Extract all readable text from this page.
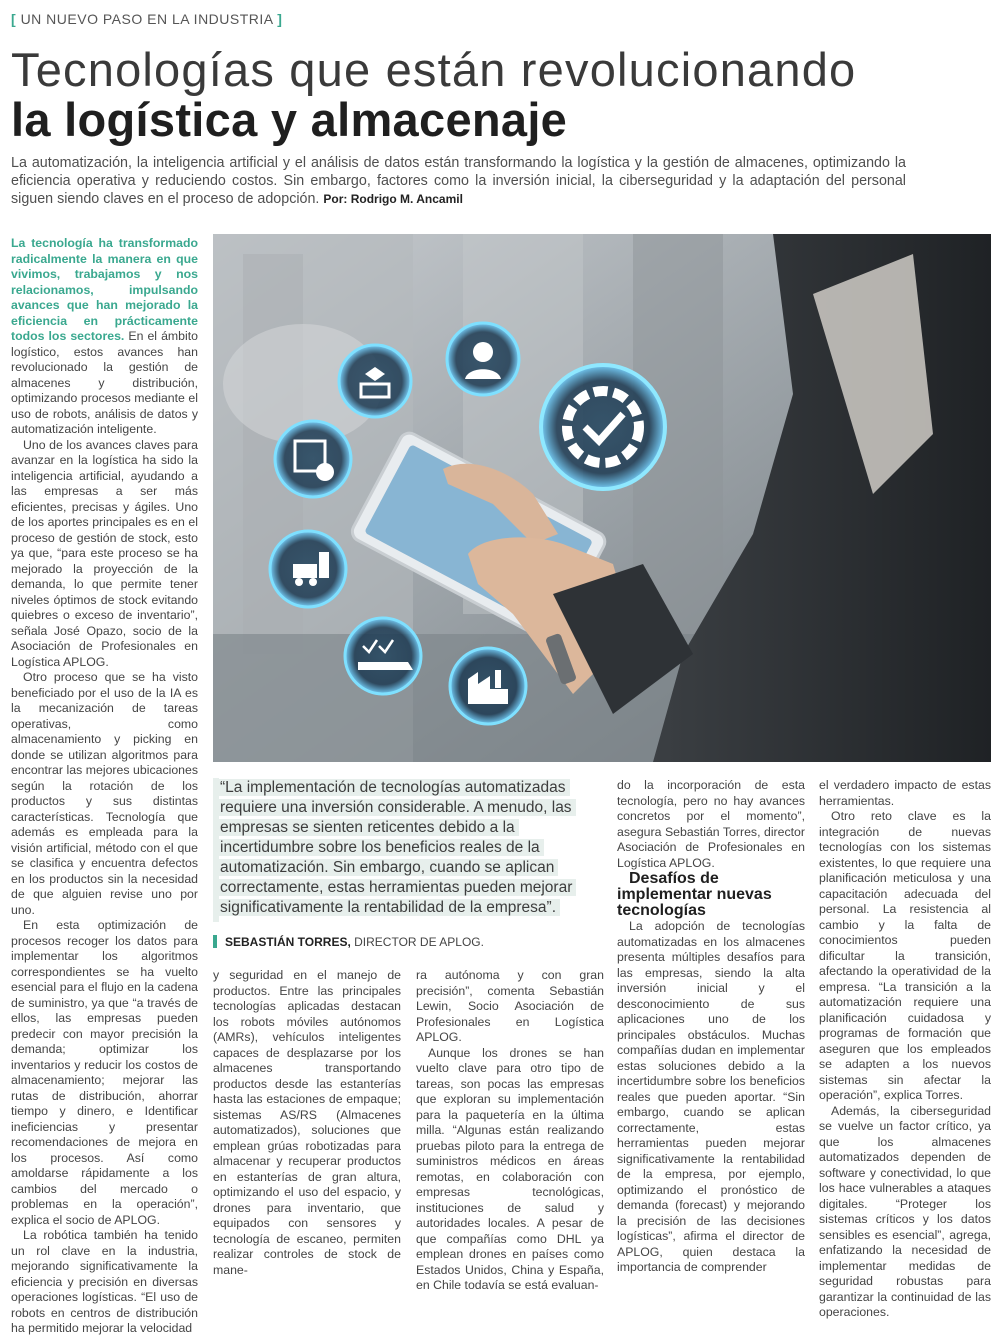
[ UN NUEVO PASO EN LA INDUSTRIA ]
Tecnologías que están revolucionando
la logística y almacenaje
La automatización, la inteligencia artificial y el análisis de datos están transformando la logística y la gestión de almacenes, optimizando la eficiencia operativa y reduciendo costos. Sin embargo, factores como la inversión inicial, la ciberseguridad y la adaptación del personal siguen siendo claves en el proceso de adopción. Por: Rodrigo M. Ancamil

La tecnología ha transformado radicalmente la manera en que vivimos, trabajamos y nos relacionamos, impulsando avances que han mejorado la eficiencia en prácticamente todos los sectores. En el ámbito logístico, estos avances han revolucionado la gestión de almacenes y distribución, optimizando procesos mediante el uso de robots, análisis de datos y automatización inteligente.

Uno de los avances claves para avanzar en la logística ha sido la inteligencia artificial, ayudando a las empresas a ser más eficientes, precisas y ágiles. Uno de los aportes principales es en el proceso de gestión de stock, esto ya que, “para este proceso se ha mejorado la proyección de la demanda, lo que permite tener niveles óptimos de stock evitando quiebres o exceso de inventario”, señala José Opazo, socio de la Asociación de Profesionales en Logística APLOG.

Otro proceso que se ha visto beneficiado por el uso de la IA es la mecanización de tareas operativas, como almacenamiento y picking en donde se utilizan algoritmos para encontrar las mejores ubicaciones según la rotación de los productos y sus distintas características. Tecnología que además es empleada para la visión artificial, método con el que se clasifica y encuentra defectos en los productos sin la necesidad de que alguien revise uno por uno.

En esta optimización de procesos recoger los datos para implementar los algoritmos correspondientes se ha vuelto esencial para el flujo en la cadena de suministro, ya que “a través de ellos, las empresas pueden predecir con mayor precisión la demanda; optimizar los inventarios y reducir los costos de almacenamiento; mejorar las rutas de distribución, ahorrar tiempo y dinero, e Identificar ineficiencias y presentar recomendaciones de mejora en los procesos. Así como amoldarse rápidamente a los cambios del mercado o problemas en la operación”, explica el socio de APLOG.

La robótica también ha tenido un rol clave en la industria, mejorando significativamente la eficiencia y precisión en diversas operaciones logísticas. “El uso de robots en centros de distribución ha permitido mejorar la velocidad

“La implementación de tecnologías automatizadas requiere una inversión considerable. A menudo, las empresas se sienten reticentes debido a la incertidumbre sobre los beneficios reales de la automatización. Sin embargo, cuando se aplican correctamente, estas herramientas pueden mejorar significativamente la rentabilidad de la empresa”.
SEBASTIÁN TORRES, DIRECTOR DE APLOG.

y seguridad en el manejo de productos. Entre las principales tecnologías aplicadas destacan los robots móviles autónomos (AMRs), vehículos inteligentes capaces de desplazarse por los almacenes transportando productos desde las estanterías hasta las estaciones de empaque; sistemas AS/RS (Almacenes automatizados), soluciones que emplean grúas robotizadas para almacenar y recuperar productos en estanterías de gran altura, optimizando el uso del espacio, y drones para inventario, que equipados con sensores y tecnología de escaneo, permiten realizar controles de stock de mane-

ra autónoma y con gran precisión”, comenta Sebastián Lewin, Socio Asociación de Profesionales en Logística APLOG.

Aunque los drones se han vuelto clave para otro tipo de tareas, son pocas las empresas que exploran su implementación para la paquetería en la última milla. “Algunas están realizando pruebas piloto para la entrega de suministros médicos en áreas remotas, en colaboración con empresas tecnológicas, instituciones de salud y autoridades locales. A pesar de que compañías como DHL ya emplean drones en países como Estados Unidos, China y España, en Chile todavía se está evaluan-

do la incorporación de esta tecnología, pero no hay avances concretos por el momento”, asegura Sebastián Torres, director Asociación de Profesionales en Logística APLOG.

Desafíos de implementar nuevas tecnologías

La adopción de tecnologías automatizadas en los almacenes presenta múltiples desafíos para las empresas, siendo la alta inversión inicial y el desconocimiento de sus aplicaciones uno de los principales obstáculos. Muchas compañías dudan en implementar estas soluciones debido a la incertidumbre sobre los beneficios reales que pueden aportar. “Sin embargo, cuando se aplican correctamente, estas herramientas pueden mejorar significativamente la rentabilidad de la empresa, por ejemplo, optimizando el pronóstico de demanda (forecast) y mejorando la precisión de las decisiones logísticas”, afirma el director de APLOG, quien destaca la importancia de comprender

el verdadero impacto de estas herramientas.

Otro reto clave es la integración de nuevas tecnologías con los sistemas existentes, lo que requiere una planificación meticulosa y una capacitación adecuada del personal. La resistencia al cambio y la falta de conocimientos pueden dificultar la transición, afectando la operatividad de la empresa. “La transición a la automatización requiere una planificación cuidadosa y programas de formación que aseguren que los empleados se adapten a los nuevos sistemas sin afectar la operación”, explica Torres.

Además, la ciberseguridad se vuelve un factor crítico, ya que los almacenes automatizados dependen de software y conectividad, lo que los hace vulnerables a ataques digitales. “Proteger los sistemas críticos y los datos sensibles es esencial”, agrega, enfatizando la necesidad de implementar medidas de seguridad robustas para garantizar la continuidad de las operaciones.
